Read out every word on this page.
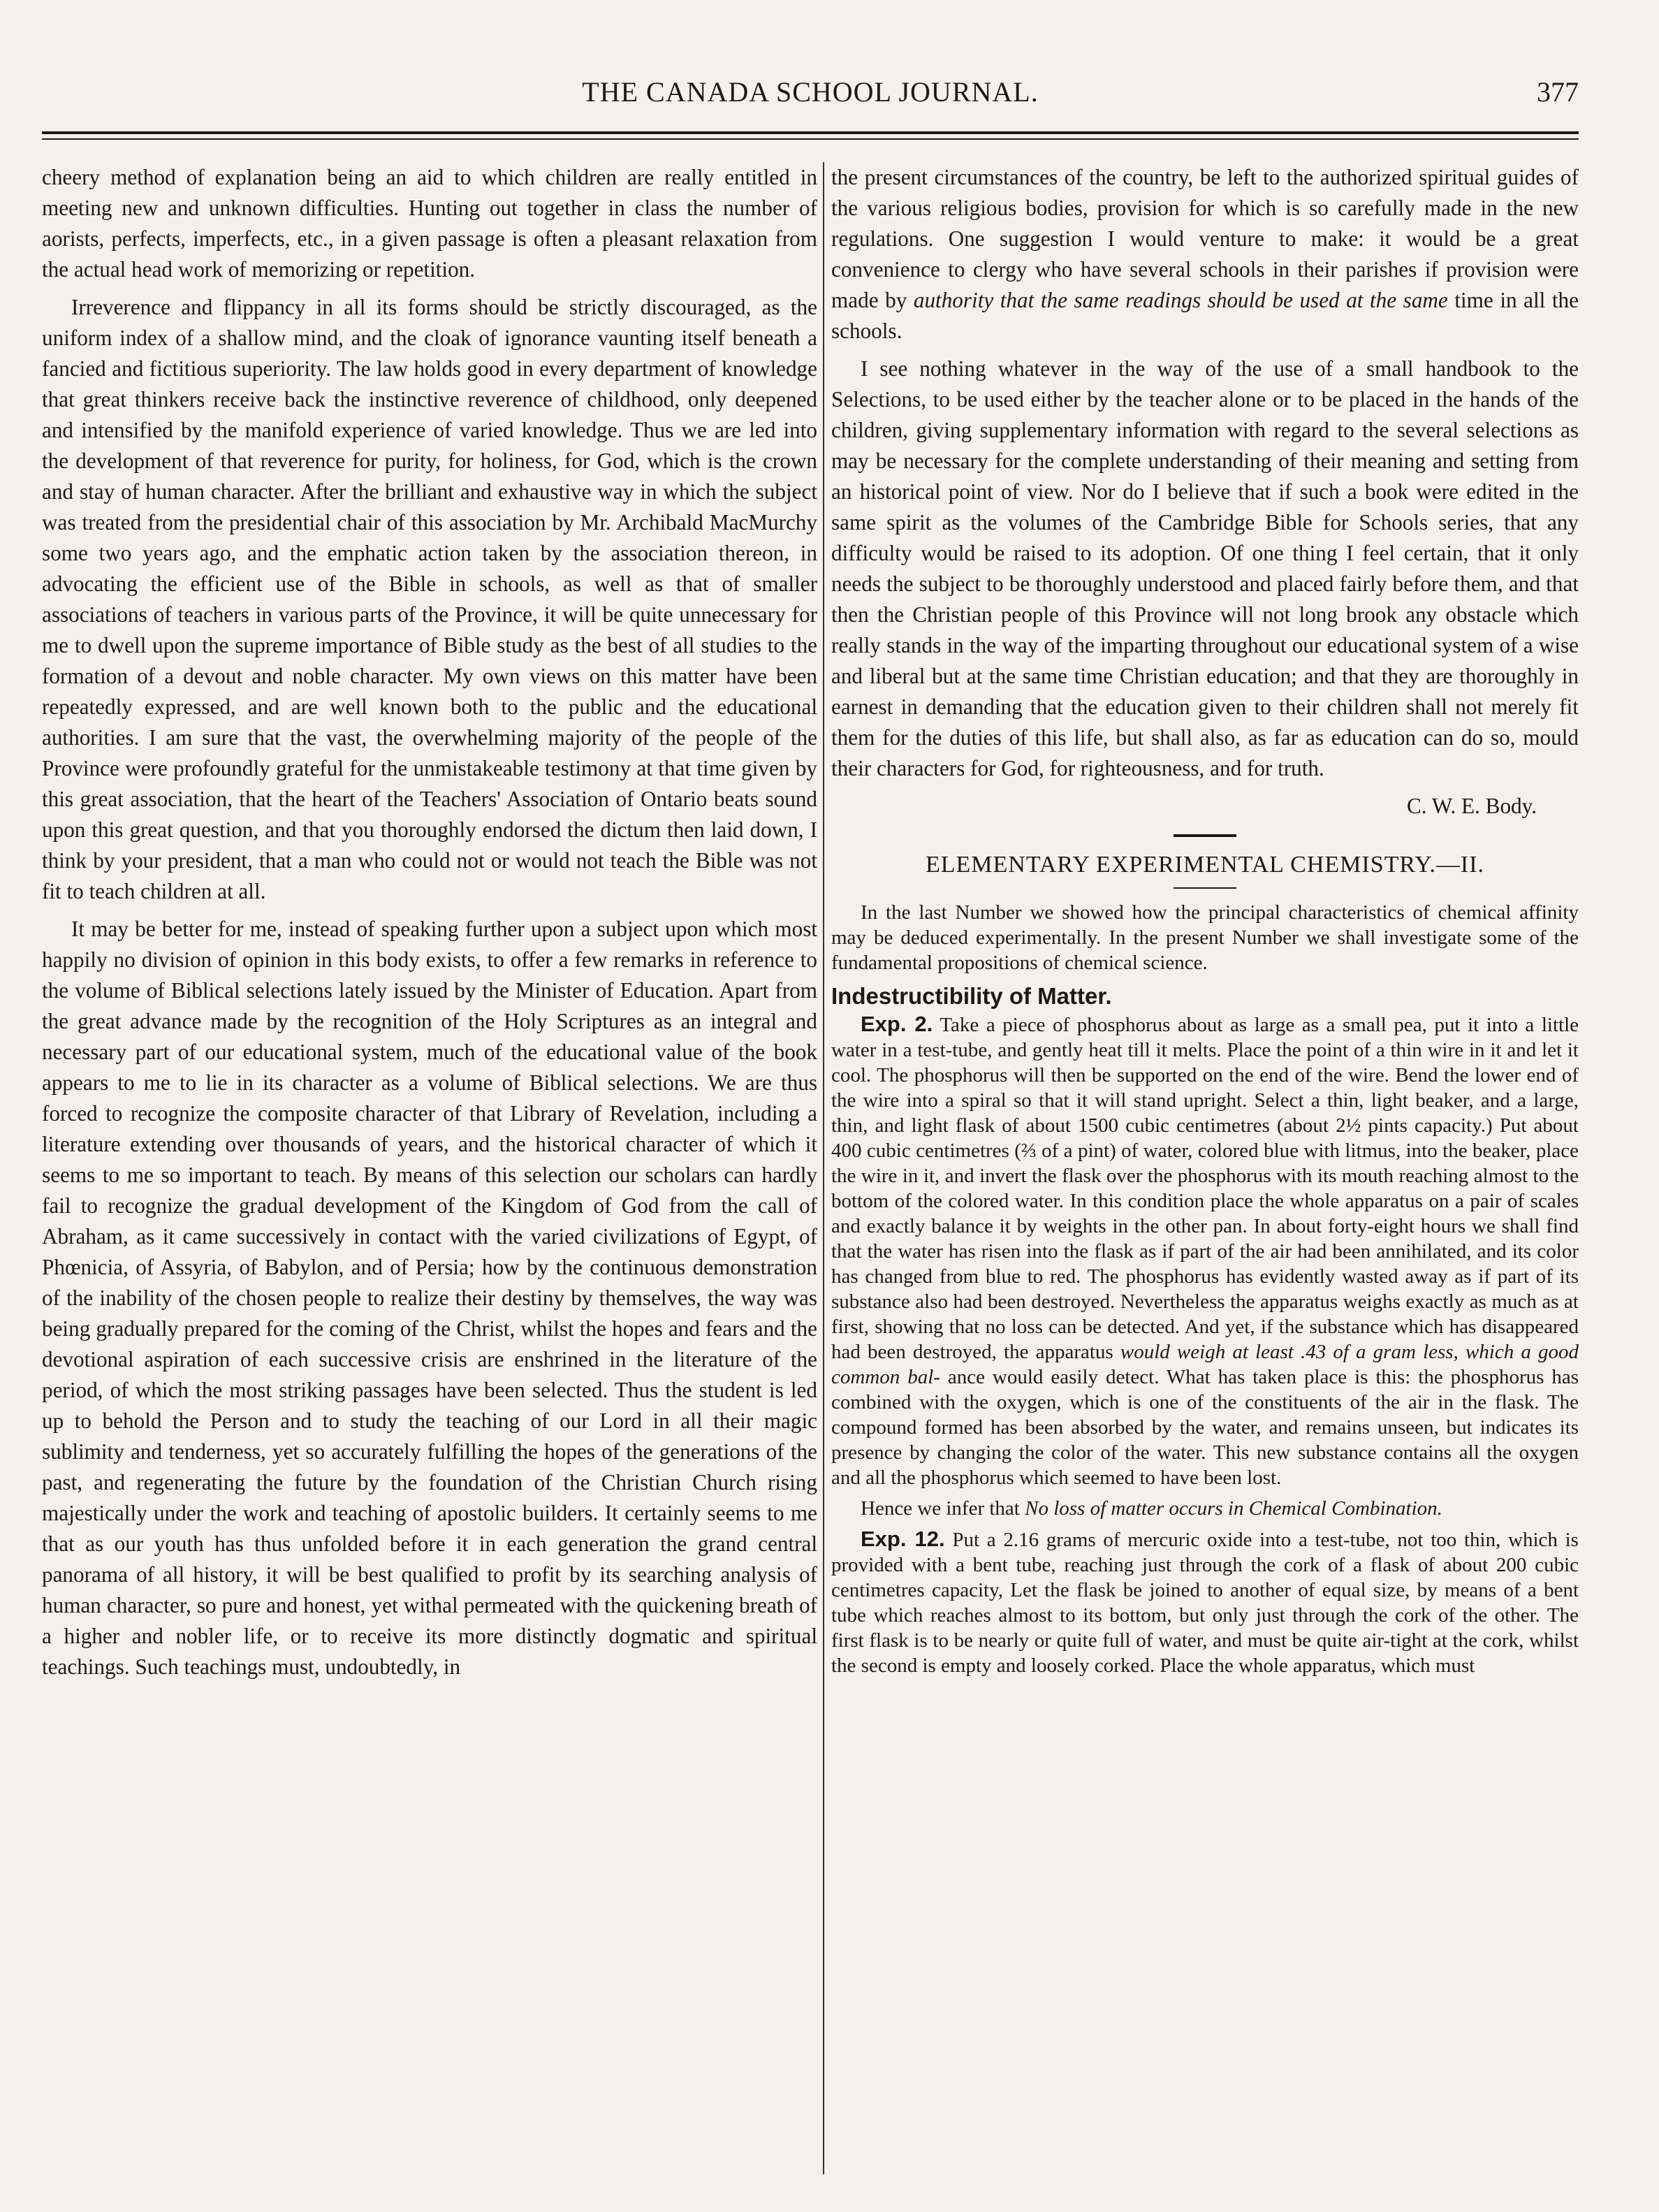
THE CANADA SCHOOL JOURNAL.	377

cheery method of explanation being an aid to which children are really entitled in meeting new and unknown difficulties. Hunting out together in class the number of aorists, perfects, imperfects, etc., in a given passage is often a pleasant relaxation from the actual head work of memorizing or repetition.

Irreverence and flippancy in all its forms should be strictly discouraged, as the uniform index of a shallow mind, and the cloak of ignorance vaunting itself beneath a fancied and fictitious superiority. The law holds good in every department of knowledge that great thinkers receive back the instinctive reverence of childhood, only deepened and intensified by the manifold experience of varied knowledge. Thus we are led into the development of that reverence for purity, for holiness, for God, which is the crown and stay of human character. After the brilliant and exhaustive way in which the subject was treated from the presidential chair of this association by Mr. Archibald MacMurchy some two years ago, and the emphatic action taken by the association thereon, in advocating the efficient use of the Bible in schools, as well as that of smaller associations of teachers in various parts of the Province, it will be quite unnecessary for me to dwell upon the supreme importance of Bible study as the best of all studies to the formation of a devout and noble character. My own views on this matter have been repeatedly expressed, and are well known both to the public and the educational authorities. I am sure that the vast, the overwhelming majority of the people of the Province were profoundly grateful for the unmistakeable testimony at that time given by this great association, that the heart of the Teachers' Association of Ontario beats sound upon this great question, and that you thoroughly endorsed the dictum then laid down, I think by your president, that a man who could not or would not teach the Bible was not fit to teach children at all.

It may be better for me, instead of speaking further upon a subject upon which most happily no division of opinion in this body exists, to offer a few remarks in reference to the volume of Biblical selections lately issued by the Minister of Education. Apart from the great advance made by the recognition of the Holy Scriptures as an integral and necessary part of our educational system, much of the educational value of the book appears to me to lie in its character as a volume of Biblical selections. We are thus forced to recognize the composite character of that Library of Revelation, including a literature extending over thousands of years, and the historical character of which it seems to me so important to teach. By means of this selection our scholars can hardly fail to recognize the gradual development of the Kingdom of God from the call of Abraham, as it came successively in contact with the varied civilizations of Egypt, of Phœnicia, of Assyria, of Babylon, and of Persia; how by the continuous demonstration of the inability of the chosen people to realize their destiny by themselves, the way was being gradually prepared for the coming of the Christ, whilst the hopes and fears and the devotional aspiration of each successive crisis are enshrined in the literature of the period, of which the most striking passages have been selected. Thus the student is led up to behold the Person and to study the teaching of our Lord in all their magic sublimity and tenderness, yet so accurately fulfilling the hopes of the generations of the past, and regenerating the future by the foundation of the Christian Church rising majestically under the work and teaching of apostolic builders. It certainly seems to me that as our youth has thus unfolded before it in each generation the grand central panorama of all history, it will be best qualified to profit by its searching analysis of human character, so pure and honest, yet withal permeated with the quickening breath of a higher and nobler life, or to receive its more distinctly dogmatic and spiritual teachings. Such teachings must, undoubtedly, in

the present circumstances of the country, be left to the authorized spiritual guides of the various religious bodies, provision for which is so carefully made in the new regulations. One suggestion I would venture to make: it would be a great convenience to clergy who have several schools in their parishes if provision were made by authority that the same readings should be used at the same time in all the schools.

I see nothing whatever in the way of the use of a small handbook to the Selections, to be used either by the teacher alone or to be placed in the hands of the children, giving supplementary information with regard to the several selections as may be necessary for the complete understanding of their meaning and setting from an historical point of view. Nor do I believe that if such a book were edited in the same spirit as the volumes of the Cambridge Bible for Schools series, that any difficulty would be raised to its adoption. Of one thing I feel certain, that it only needs the subject to be thoroughly understood and placed fairly before them, and that then the Christian people of this Province will not long brook any obstacle which really stands in the way of the imparting throughout our educational system of a wise and liberal but at the same time Christian education; and that they are thoroughly in earnest in demanding that the education given to their children shall not merely fit them for the duties of this life, but shall also, as far as education can do so, mould their characters for God, for righteousness, and for truth.

C. W. E. Body.
ELEMENTARY EXPERIMENTAL CHEMISTRY.—II.

In the last Number we showed how the principal characteristics of chemical affinity may be deduced experimentally. In the present Number we shall investigate some of the fundamental propositions of chemical science.

Indestructibility of Matter.

Exp. 2. Take a piece of phosphorus about as large as a small pea, put it into a little water in a test-tube, and gently heat till it melts. Place the point of a thin wire in it and let it cool. The phosphorus will then be supported on the end of the wire. Bend the lower end of the wire into a spiral so that it will stand upright. Select a thin, light beaker, and a large, thin, and light flask of about 1500 cubic centimetres (about 2½ pints capacity.) Put about 400 cubic centimetres (⅔ of a pint) of water, colored blue with litmus, into the beaker, place the wire in it, and invert the flask over the phosphorus with its mouth reaching almost to the bottom of the colored water. In this condition place the whole apparatus on a pair of scales and exactly balance it by weights in the other pan. In about forty-eight hours we shall find that the water has risen into the flask as if part of the air had been annihilated, and its color has changed from blue to red. The phosphorus has evidently wasted away as if part of its substance also had been destroyed. Nevertheless the apparatus weighs exactly as much as at first, showing that no loss can be detected. And yet, if the substance which has disappeared had been destroyed, the apparatus would weigh at least .43 of a gram less, which a good common bal- ance would easily detect. What has taken place is this: the phosphorus has combined with the oxygen, which is one of the constituents of the air in the flask. The compound formed has been absorbed by the water, and remains unseen, but indicates its presence by changing the color of the water. This new substance contains all the oxygen and all the phosphorus which seemed to have been lost.

Hence we infer that No loss of matter occurs in Chemical Combination.

Exp. 12. Put a 2.16 grams of mercuric oxide into a test-tube, not too thin, which is provided with a bent tube, reaching just through the cork of a flask of about 200 cubic centimetres capacity, Let the flask be joined to another of equal size, by means of a bent tube which reaches almost to its bottom, but only just through the cork of the other. The first flask is to be nearly or quite full of water, and must be quite air-tight at the cork, whilst the second is empty and loosely corked. Place the whole apparatus, which must
